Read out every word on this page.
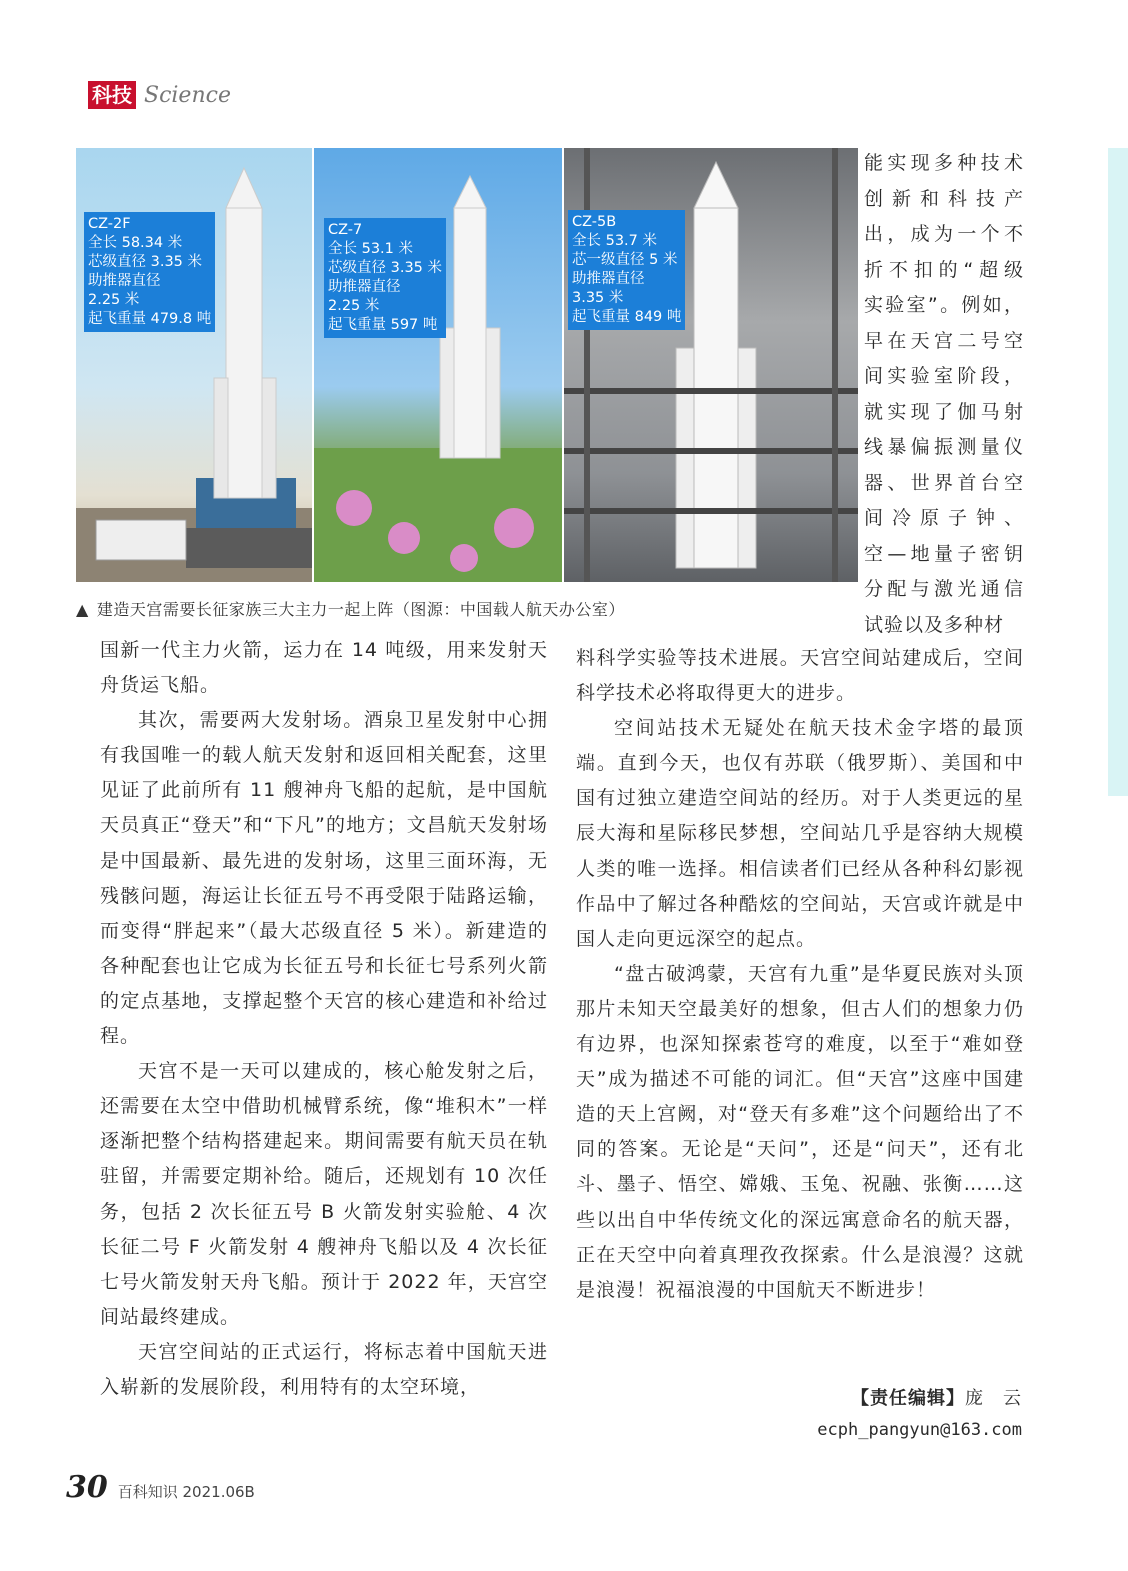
科技 Science
CZ-2F
全长 58.34 米
芯级直径 3.35 米
助推器直径
2.25 米
起飞重量 479.8 吨
CZ-7
全长 53.1 米
芯级直径 3.35 米
助推器直径
2.25 米
起飞重量 597 吨
CZ-5B
全长 53.7 米
芯一级直径 5 米
助推器直径
3.35 米
起飞重量 849 吨
▲ 建造天宫需要长征家族三大主力一起上阵（图源：中国载人航天办公室）
能实现多种技术
创新和科技产
出，成为一个不
折不扣的“超级
实验室”。例如，
早在天宫二号空
间实验室阶段，
就实现了伽马射
线暴偏振测量仪
器、世界首台空
间冷原子钟、
空—地量子密钥
分配与激光通信
试验以及多种材

国新一代主力火箭，运力在 14 吨级，用来发射天舟货运飞船。

其次，需要两大发射场。酒泉卫星发射中心拥有我国唯一的载人航天发射和返回相关配套，这里见证了此前所有 11 艘神舟飞船的起航，是中国航天员真正“登天”和“下凡”的地方；文昌航天发射场是中国最新、最先进的发射场，这里三面环海，无残骸问题，海运让长征五号不再受限于陆路运输，而变得“胖起来”（最大芯级直径 5 米）。新建造的各种配套也让它成为长征五号和长征七号系列火箭的定点基地，支撑起整个天宫的核心建造和补给过程。

天宫不是一天可以建成的，核心舱发射之后，还需要在太空中借助机械臂系统，像“堆积木”一样逐渐把整个结构搭建起来。期间需要有航天员在轨驻留，并需要定期补给。随后，还规划有 10 次任务，包括 2 次长征五号 B 火箭发射实验舱、4 次长征二号 F 火箭发射 4 艘神舟飞船以及 4 次长征七号火箭发射天舟飞船。预计于 2022 年，天宫空间站最终建成。

天宫空间站的正式运行，将标志着中国航天进入崭新的发展阶段，利用特有的太空环境，

料科学实验等技术进展。天宫空间站建成后，空间科学技术必将取得更大的进步。

空间站技术无疑处在航天技术金字塔的最顶端。直到今天，也仅有苏联（俄罗斯）、美国和中国有过独立建造空间站的经历。对于人类更远的星辰大海和星际移民梦想，空间站几乎是容纳大规模人类的唯一选择。相信读者们已经从各种科幻影视作品中了解过各种酷炫的空间站，天宫或许就是中国人走向更远深空的起点。

“盘古破鸿蒙，天宫有九重”是华夏民族对头顶那片未知天空最美好的想象，但古人们的想象力仍有边界，也深知探索苍穹的难度，以至于“难如登天”成为描述不可能的词汇。但“天宫”这座中国建造的天上宫阙，对“登天有多难”这个问题给出了不同的答案。无论是“天问”，还是“问天”，还有北斗、墨子、悟空、嫦娥、玉兔、祝融、张衡……这些以出自中华传统文化的深远寓意命名的航天器，正在天空中向着真理孜孜探索。什么是浪漫？这就是浪漫！祝福浪漫的中国航天不断进步！

【责任编辑】庞　云
ecph_pangyun@163.com
30 百科知识 2021.06B
